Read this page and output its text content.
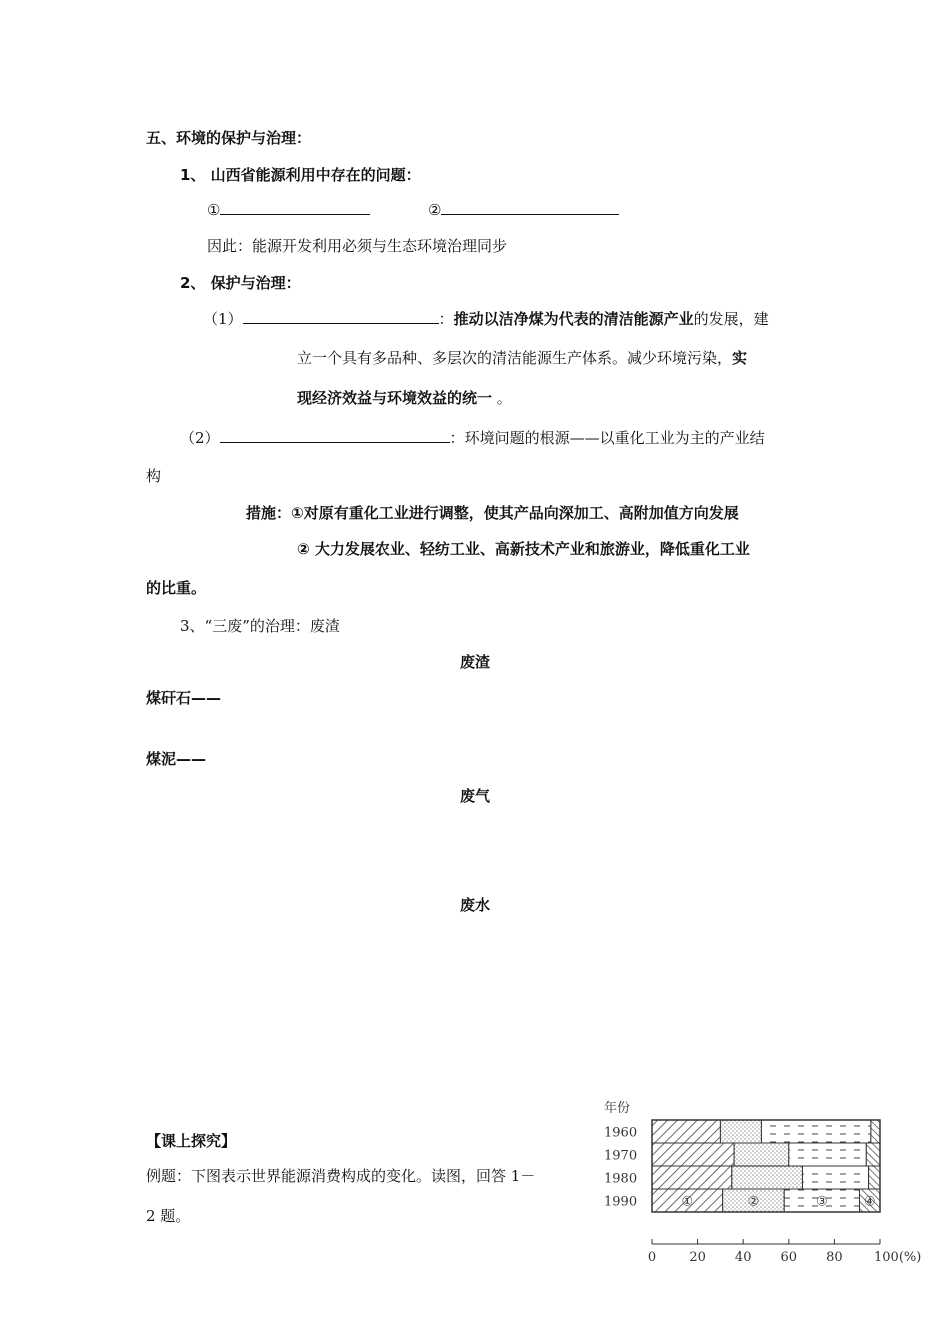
五、环境的保护与治理：
1、 山西省能源利用中存在的问题：
①	②
因此：能源开发利用必须与生态环境治理同步
2、 保护与治理：
（1）	：推动以洁净煤为代表的清洁能源产业的发展，建
立一个具有多品种、多层次的清洁能源生产体系。减少环境污染，实
现经济效益与环境效益的统一 。
（2）	：环境问题的根源——以重化工业为主的产业结
构
措施：①对原有重化工业进行调整，使其产品向深加工、高附加值方向发展
② 大力发展农业、轻纺工业、高新技术产业和旅游业，降低重化工业
的比重。
3、“三废”的治理：废渣
废渣
煤矸石——
煤泥——
废气
废水
【课上探究】
例题：下图表示世界能源消费构成的变化。读图，回答 1－
2 题。
年份
1960
1970
1980
1990	①	②	③	④
0	20 40 60 80 100(%)
